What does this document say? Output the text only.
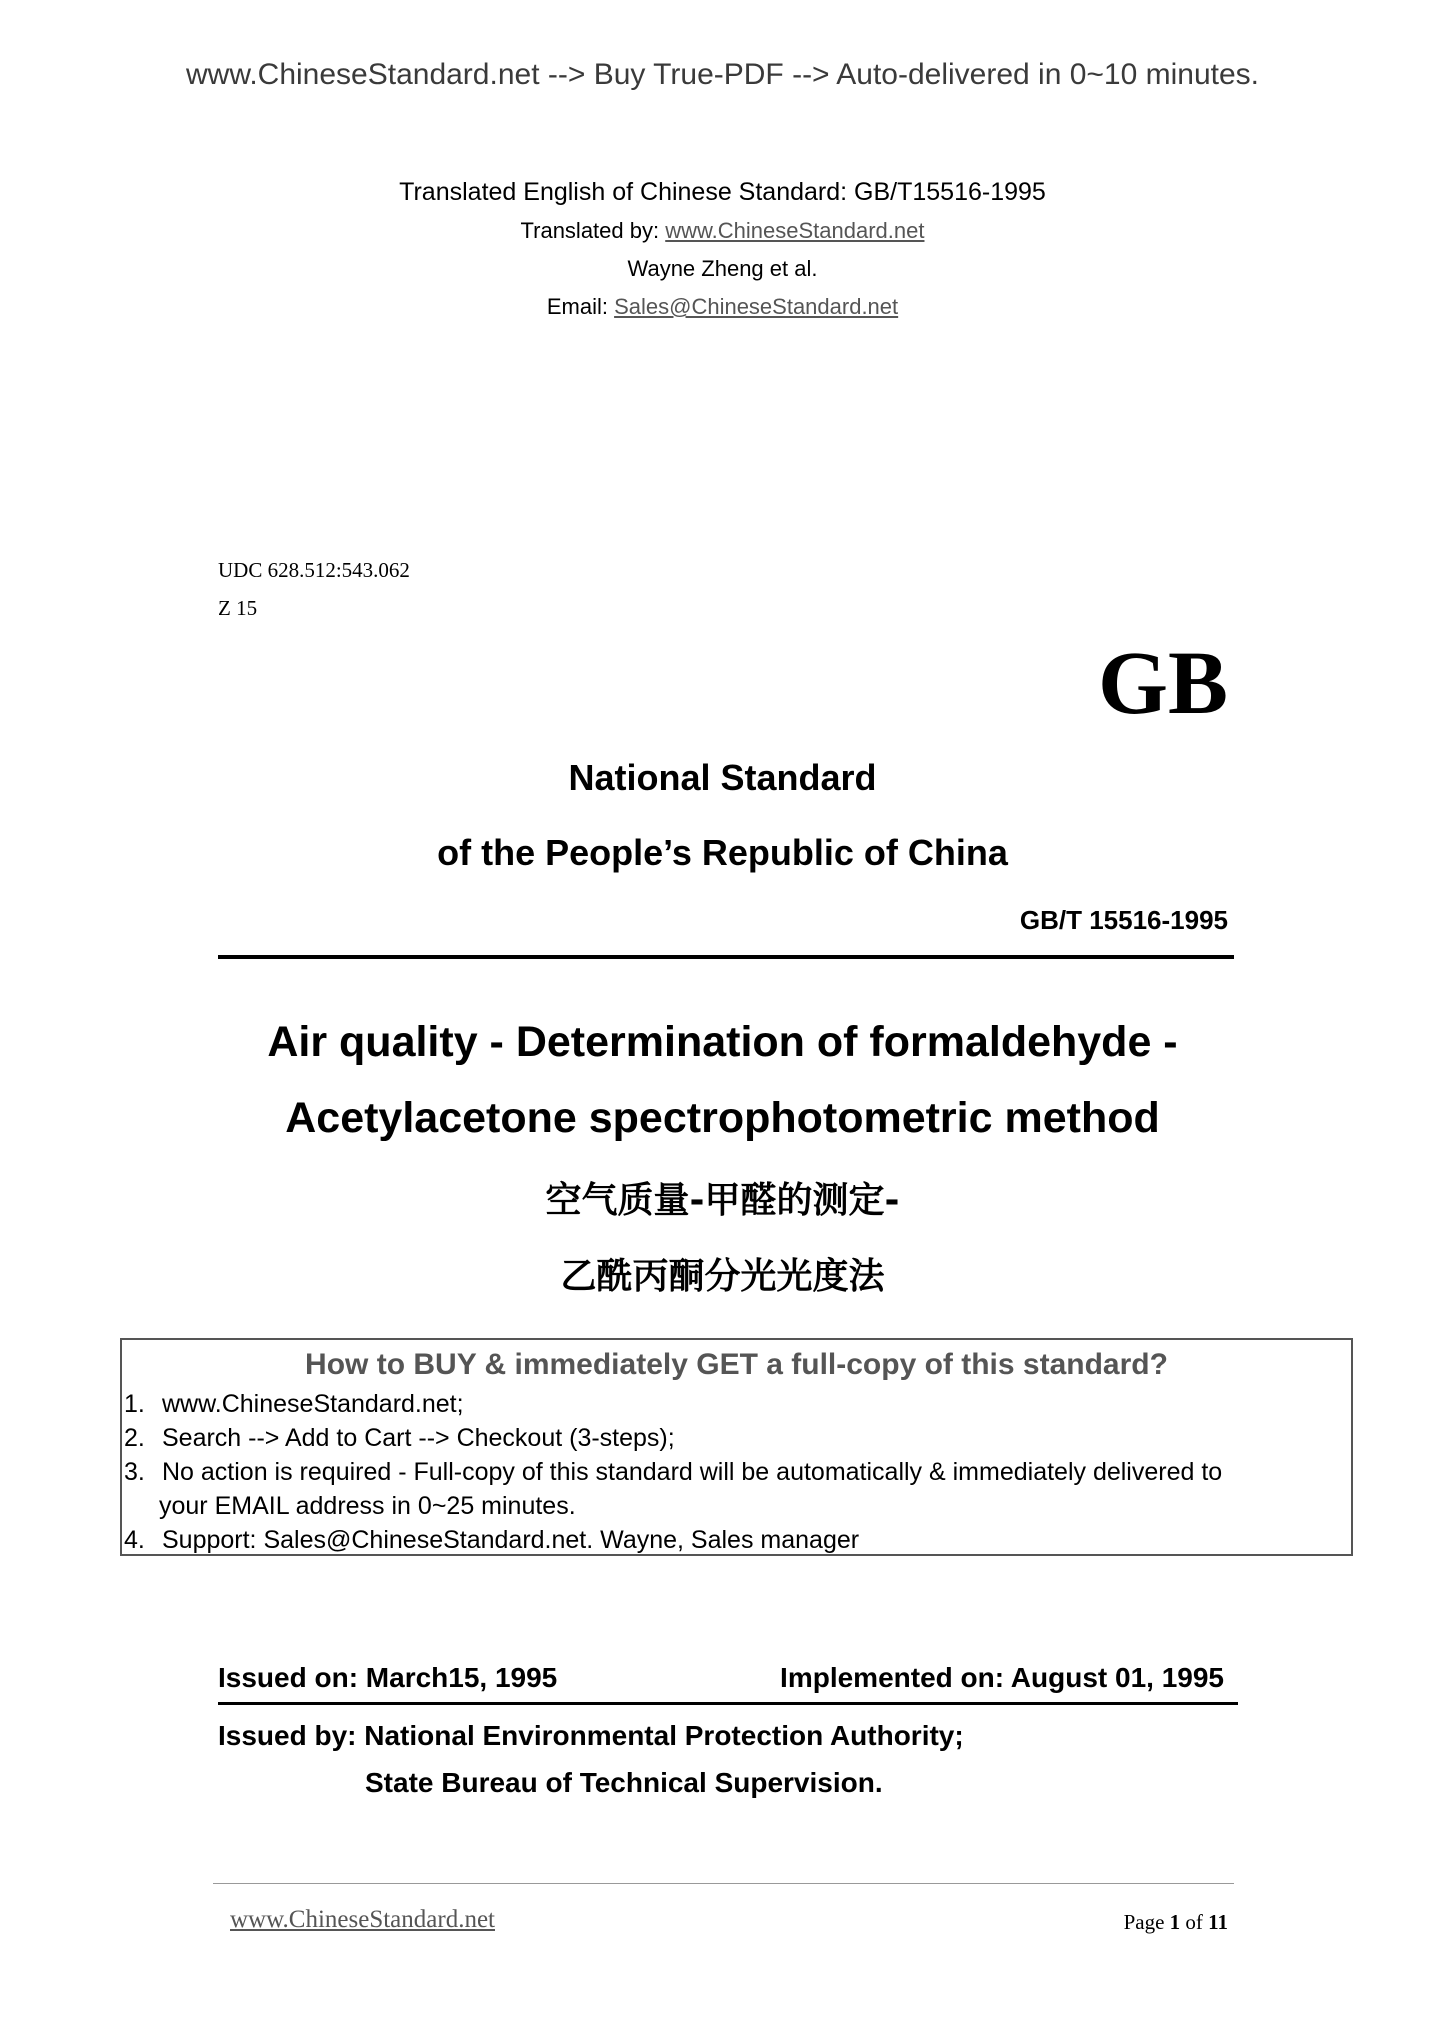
www.ChineseStandard.net --> Buy True-PDF --> Auto-delivered in 0~10 minutes.
Translated English of Chinese Standard: GB/T15516-1995
Translated by: www.ChineseStandard.net
Wayne Zheng et al.
Email: Sales@ChineseStandard.net
UDC 628.512:543.062
Z 15
GB
National Standard
of the People’s Republic of China
GB/T 15516-1995
Air quality - Determination of formaldehyde -
Acetylacetone spectrophotometric method
空气质量-甲醛的测定-
乙酰丙酮分光光度法
How to BUY & immediately GET a full-copy of this standard?
1. www.ChineseStandard.net;
2. Search --> Add to Cart --> Checkout (3-steps);
3. No action is required - Full-copy of this standard will be automatically & immediately delivered to
your EMAIL address in 0~25 minutes.
4. Support: Sales@ChineseStandard.net. Wayne, Sales manager
Issued on: March15, 1995	Implemented on: August 01, 1995
Issued by: National Environmental Protection Authority;
State Bureau of Technical Supervision.
www.ChineseStandard.net	Page 1 of 11
